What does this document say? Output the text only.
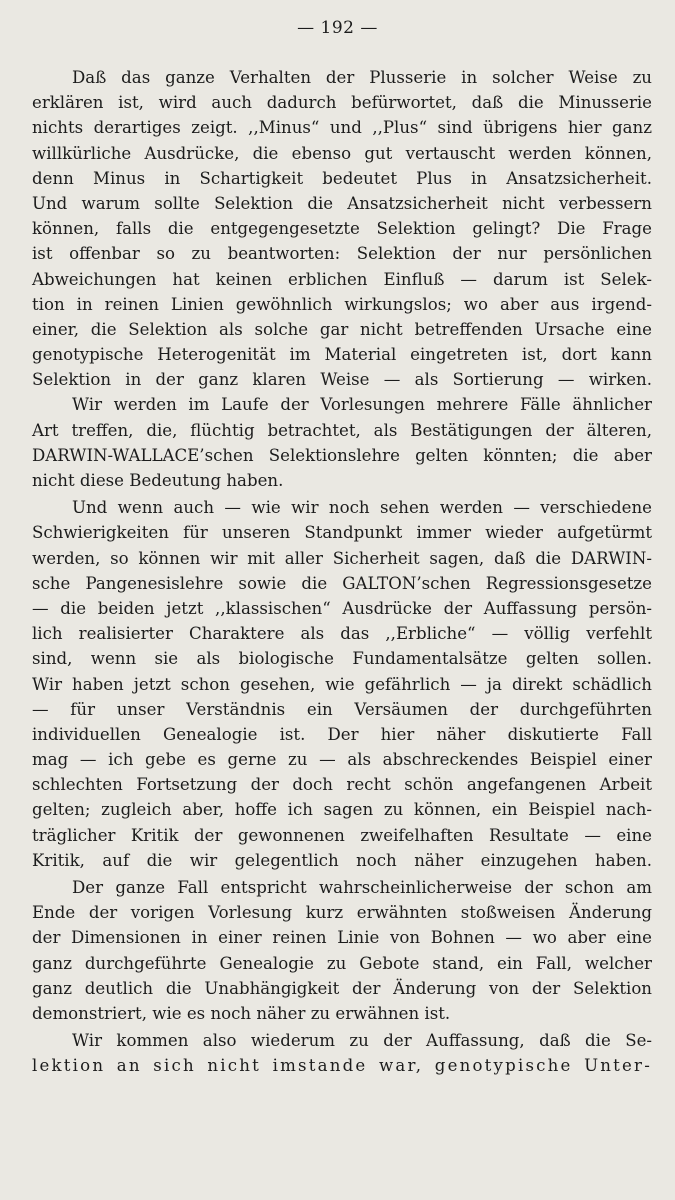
— 192 —
Daß das ganze Verhalten der Plusserie in solcher Weise zu
erklären ist, wird auch dadurch befürwortet, daß die Minusserie
nichts derartiges zeigt. ,,Minus“ und ,,Plus“ sind übrigens hier ganz
willkürliche Ausdrücke, die ebenso gut vertauscht werden können,
denn Minus in Schartigkeit bedeutet Plus in Ansatzsicherheit.
Und warum sollte Selektion die Ansatzsicherheit nicht verbessern
können, falls die entgegengesetzte Selektion gelingt? Die Frage
ist offenbar so zu beantworten: Selektion der nur persönlichen
Abweichungen hat keinen erblichen Einfluß — darum ist Selek-
tion in reinen Linien gewöhnlich wirkungslos; wo aber aus irgend-
einer, die Selektion als solche gar nicht betreffenden Ursache eine
genotypische Heterogenität im Material eingetreten ist, dort kann
Selektion in der ganz klaren Weise — als Sortierung — wirken.
Wir werden im Laufe der Vorlesungen mehrere Fälle ähnlicher
Art treffen, die, flüchtig betrachtet, als Bestätigungen der älteren,
DARWIN-WALLACE’schen Selektionslehre gelten könnten; die aber
nicht diese Bedeutung haben.
Und wenn auch — wie wir noch sehen werden — verschiedene
Schwierigkeiten für unseren Standpunkt immer wieder aufgetürmt
werden, so können wir mit aller Sicherheit sagen, daß die DARWIN-
sche Pangenesislehre sowie die GALTON’schen Regressionsgesetze
— die beiden jetzt ,,klassischen“ Ausdrücke der Auffassung persön-
lich realisierter Charaktere als das ,,Erbliche“ — völlig verfehlt
sind, wenn sie als biologische Fundamentalsätze gelten sollen.
Wir haben jetzt schon gesehen, wie gefährlich — ja direkt schädlich
— für unser Verständnis ein Versäumen der durchgeführten
individuellen Genealogie ist. Der hier näher diskutierte Fall
mag — ich gebe es gerne zu — als abschreckendes Beispiel einer
schlechten Fortsetzung der doch recht schön angefangenen Arbeit
gelten; zugleich aber, hoffe ich sagen zu können, ein Beispiel nach-
träglicher Kritik der gewonnenen zweifelhaften Resultate — eine
Kritik, auf die wir gelegentlich noch näher einzugehen haben.
Der ganze Fall entspricht wahrscheinlicherweise der schon am
Ende der vorigen Vorlesung kurz erwähnten stoßweisen Änderung
der Dimensionen in einer reinen Linie von Bohnen — wo aber eine
ganz durchgeführte Genealogie zu Gebote stand, ein Fall, welcher
ganz deutlich die Unabhängigkeit der Änderung von der Selektion
demonstriert, wie es noch näher zu erwähnen ist.
Wir kommen also wiederum zu der Auffassung, daß die Se-
lektion an sich nicht imstande war, genotypische Unter-
